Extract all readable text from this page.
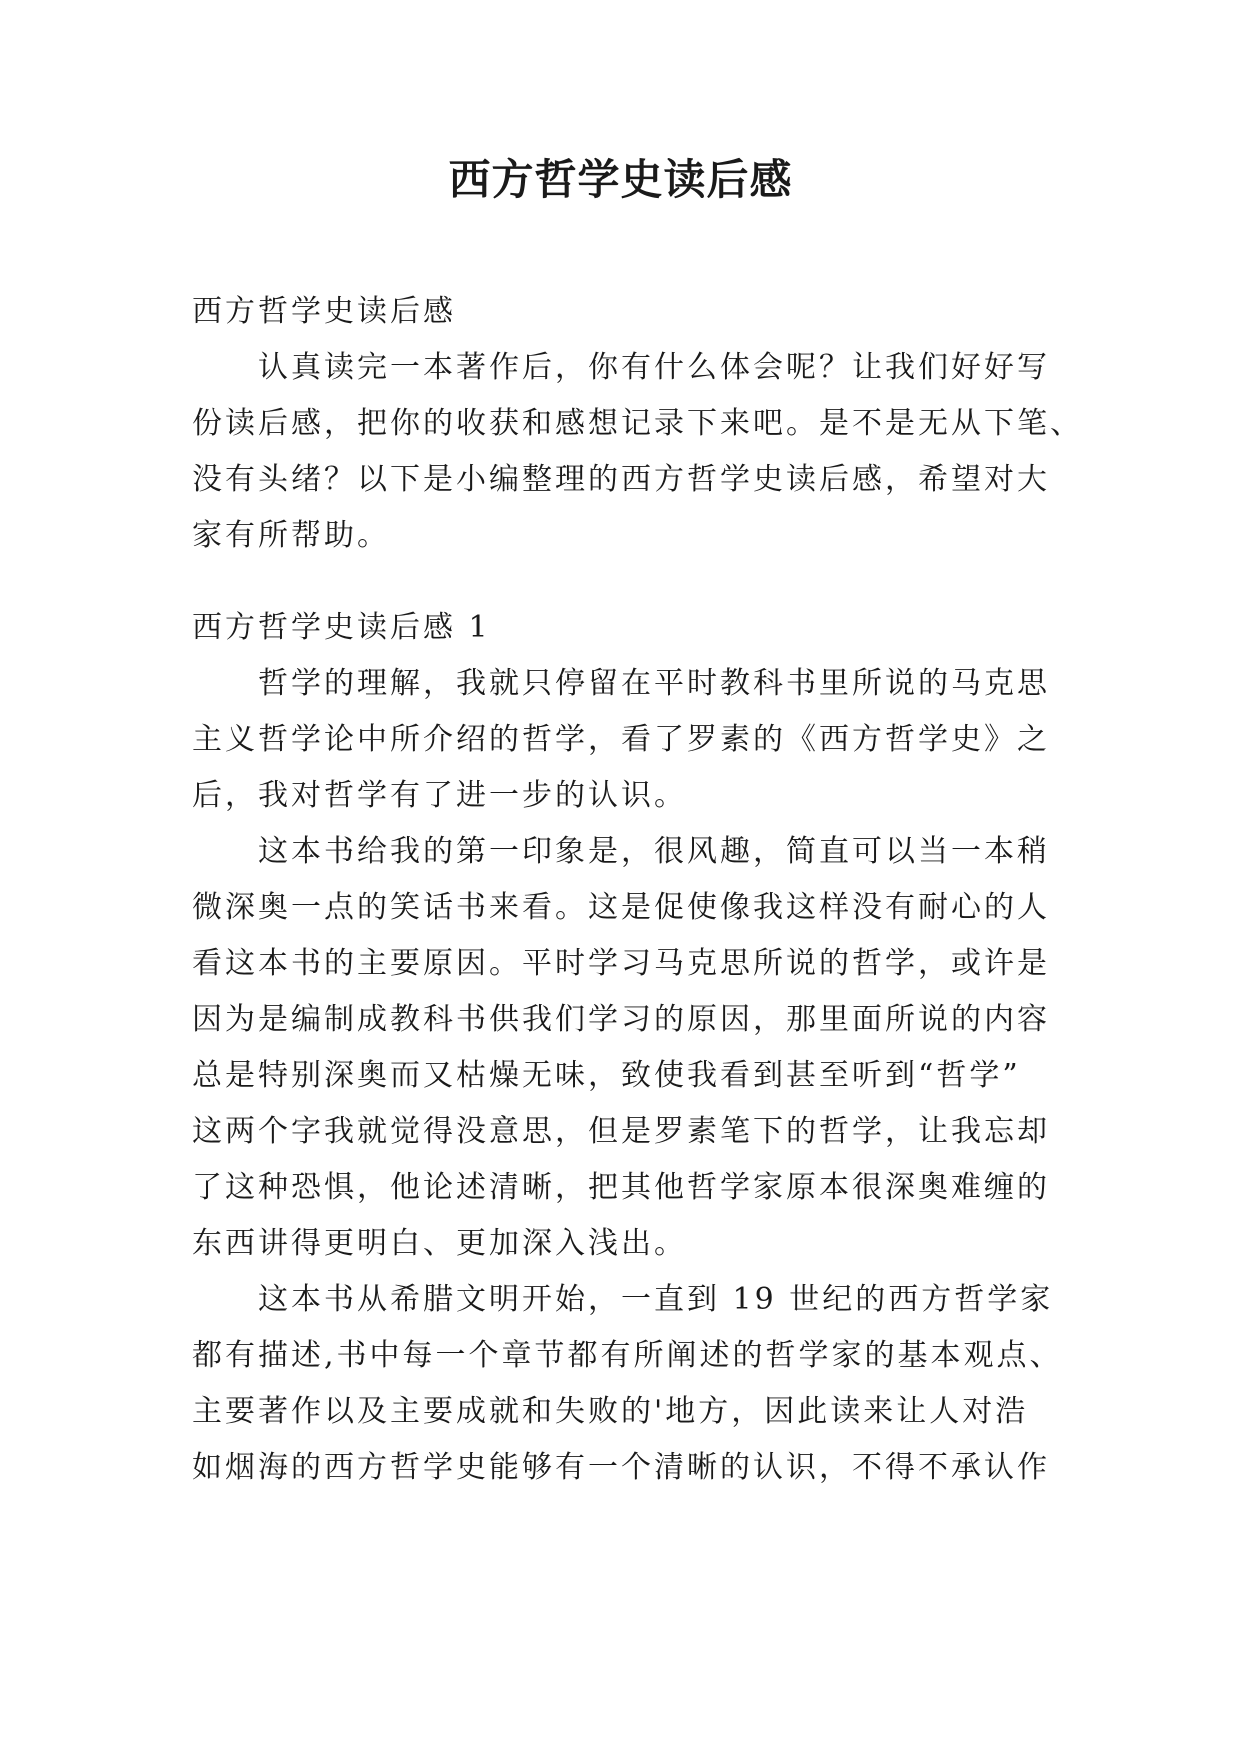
西方哲学史读后感
西方哲学史读后感
　　认真读完一本著作后，你有什么体会呢？让我们好好写
份读后感，把你的收获和感想记录下来吧。是不是无从下笔、
没有头绪？以下是小编整理的西方哲学史读后感，希望对大
家有所帮助。
西方哲学史读后感 1
　　哲学的理解，我就只停留在平时教科书里所说的马克思
主义哲学论中所介绍的哲学，看了罗素的《西方哲学史》之
后，我对哲学有了进一步的认识。
　　这本书给我的第一印象是，很风趣，简直可以当一本稍
微深奥一点的笑话书来看。这是促使像我这样没有耐心的人
看这本书的主要原因。平时学习马克思所说的哲学，或许是
因为是编制成教科书供我们学习的原因，那里面所说的内容
总是特别深奥而又枯燥无味，致使我看到甚至听到“哲学”
这两个字我就觉得没意思，但是罗素笔下的哲学，让我忘却
了这种恐惧，他论述清晰，把其他哲学家原本很深奥难缠的
东西讲得更明白、更加深入浅出。
　　这本书从希腊文明开始，一直到 19 世纪的西方哲学家
都有描述,书中每一个章节都有所阐述的哲学家的基本观点、
主要著作以及主要成就和失败的'地方，因此读来让人对浩
如烟海的西方哲学史能够有一个清晰的认识，不得不承认作
